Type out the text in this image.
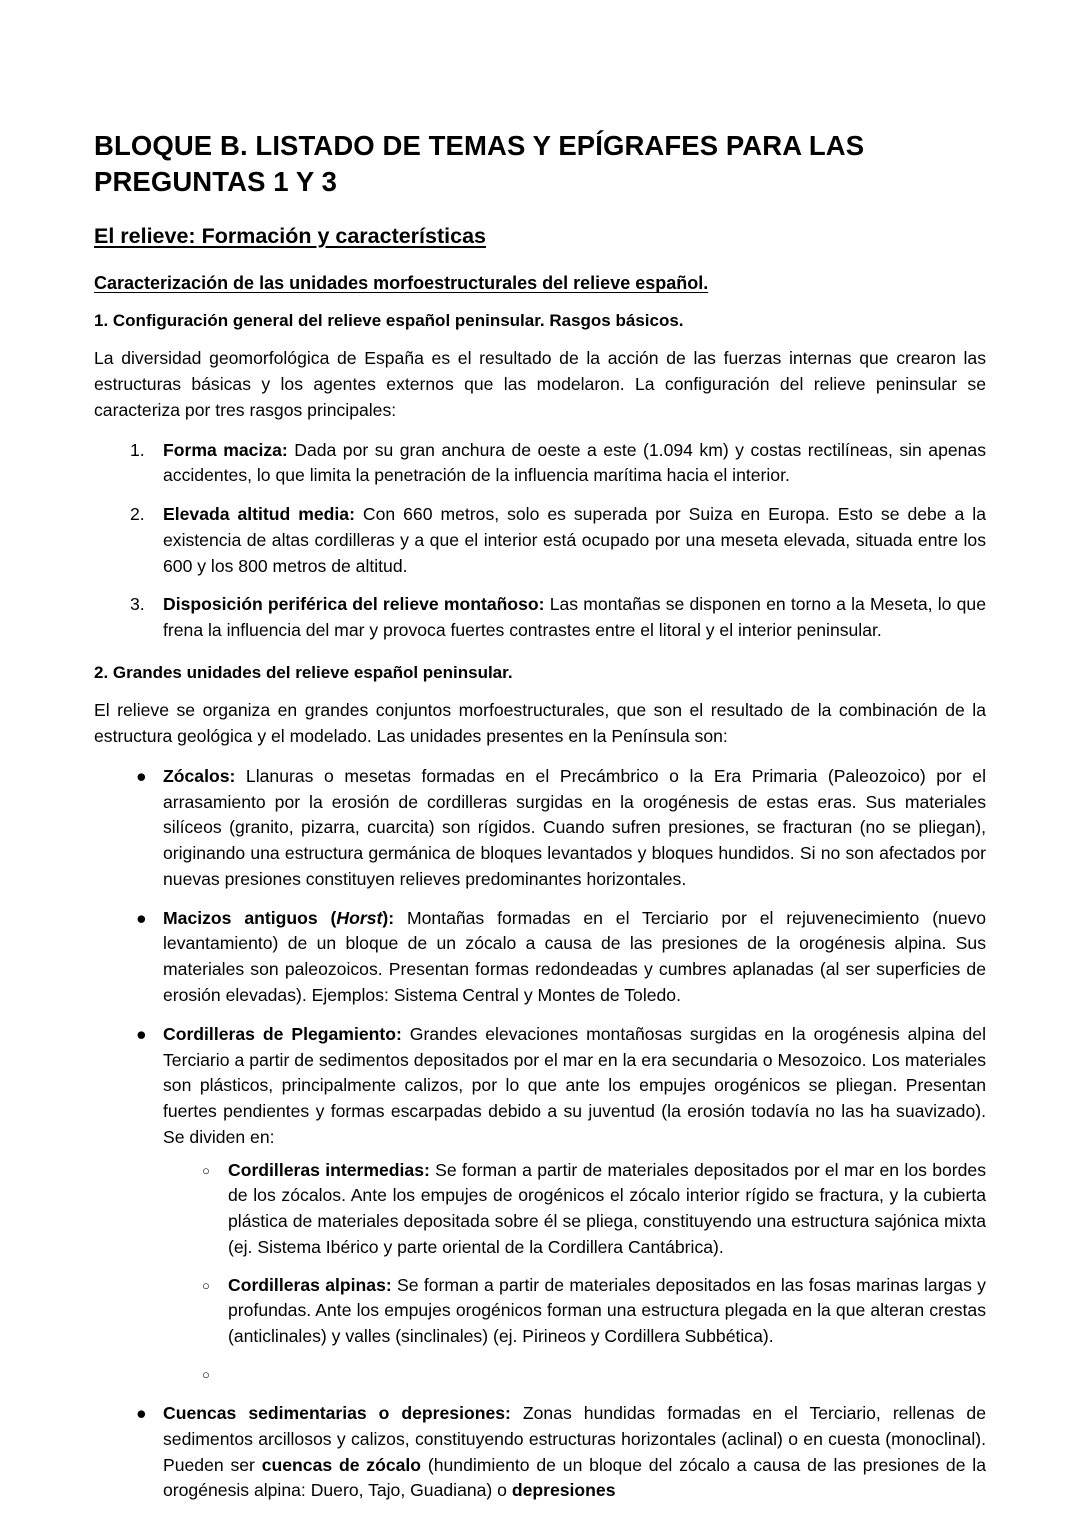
BLOQUE B. LISTADO DE TEMAS Y EPÍGRAFES PARA LAS PREGUNTAS 1 Y 3
El relieve: Formación y características
Caracterización de las unidades morfoestructurales del relieve español.
1. Configuración general del relieve español peninsular. Rasgos básicos.

La diversidad geomorfológica de España es el resultado de la acción de las fuerzas internas que crearon las estructuras básicas y los agentes externos que las modelaron. La configuración del relieve peninsular se caracteriza por tres rasgos principales:

1. Forma maciza: Dada por su gran anchura de oeste a este (1.094 km) y costas rectilíneas, sin apenas accidentes, lo que limita la penetración de la influencia marítima hacia el interior.
2. Elevada altitud media: Con 660 metros, solo es superada por Suiza en Europa. Esto se debe a la existencia de altas cordilleras y a que el interior está ocupado por una meseta elevada, situada entre los 600 y los 800 metros de altitud.
3. Disposición periférica del relieve montañoso: Las montañas se disponen en torno a la Meseta, lo que frena la influencia del mar y provoca fuertes contrastes entre el litoral y el interior peninsular.
2. Grandes unidades del relieve español peninsular.

El relieve se organiza en grandes conjuntos morfoestructurales, que son el resultado de la combinación de la estructura geológica y el modelado. Las unidades presentes en la Península son:

● Zócalos: Llanuras o mesetas formadas en el Precámbrico o la Era Primaria (Paleozoico) por el arrasamiento por la erosión de cordilleras surgidas en la orogénesis de estas eras. Sus materiales silíceos (granito, pizarra, cuarcita) son rígidos. Cuando sufren presiones, se fracturan (no se pliegan), originando una estructura germánica de bloques levantados y bloques hundidos. Si no son afectados por nuevas presiones constituyen relieves predominantes horizontales.
● Macizos antiguos (Horst): Montañas formadas en el Terciario por el rejuvenecimiento (nuevo levantamiento) de un bloque de un zócalo a causa de las presiones de la orogénesis alpina. Sus materiales son paleozoicos. Presentan formas redondeadas y cumbres aplanadas (al ser superficies de erosión elevadas). Ejemplos: Sistema Central y Montes de Toledo.
● Cordilleras de Plegamiento: Grandes elevaciones montañosas surgidas en la orogénesis alpina del Terciario a partir de sedimentos depositados por el mar en la era secundaria o Mesozoico. Los materiales son plásticos, principalmente calizos, por lo que ante los empujes orogénicos se pliegan. Presentan fuertes pendientes y formas escarpadas debido a su juventud (la erosión todavía no las ha suavizado). Se dividen en:
○ Cordilleras intermedias: Se forman a partir de materiales depositados por el mar en los bordes de los zócalos. Ante los empujes de orogénicos el zócalo interior rígido se fractura, y la cubierta plástica de materiales depositada sobre él se pliega, constituyendo una estructura sajónica mixta (ej. Sistema Ibérico y parte oriental de la Cordillera Cantábrica).
○ Cordilleras alpinas: Se forman a partir de materiales depositados en las fosas marinas largas y profundas. Ante los empujes orogénicos forman una estructura plegada en la que alteran crestas (anticlinales) y valles (sinclinales) (ej. Pirineos y Cordillera Subbética).
○
● Cuencas sedimentarias o depresiones: Zonas hundidas formadas en el Terciario, rellenas de sedimentos arcillosos y calizos, constituyendo estructuras horizontales (aclinal) o en cuesta (monoclinal). Pueden ser cuencas de zócalo (hundimiento de un bloque del zócalo a causa de las presiones de la orogénesis alpina: Duero, Tajo, Guadiana) o depresiones
